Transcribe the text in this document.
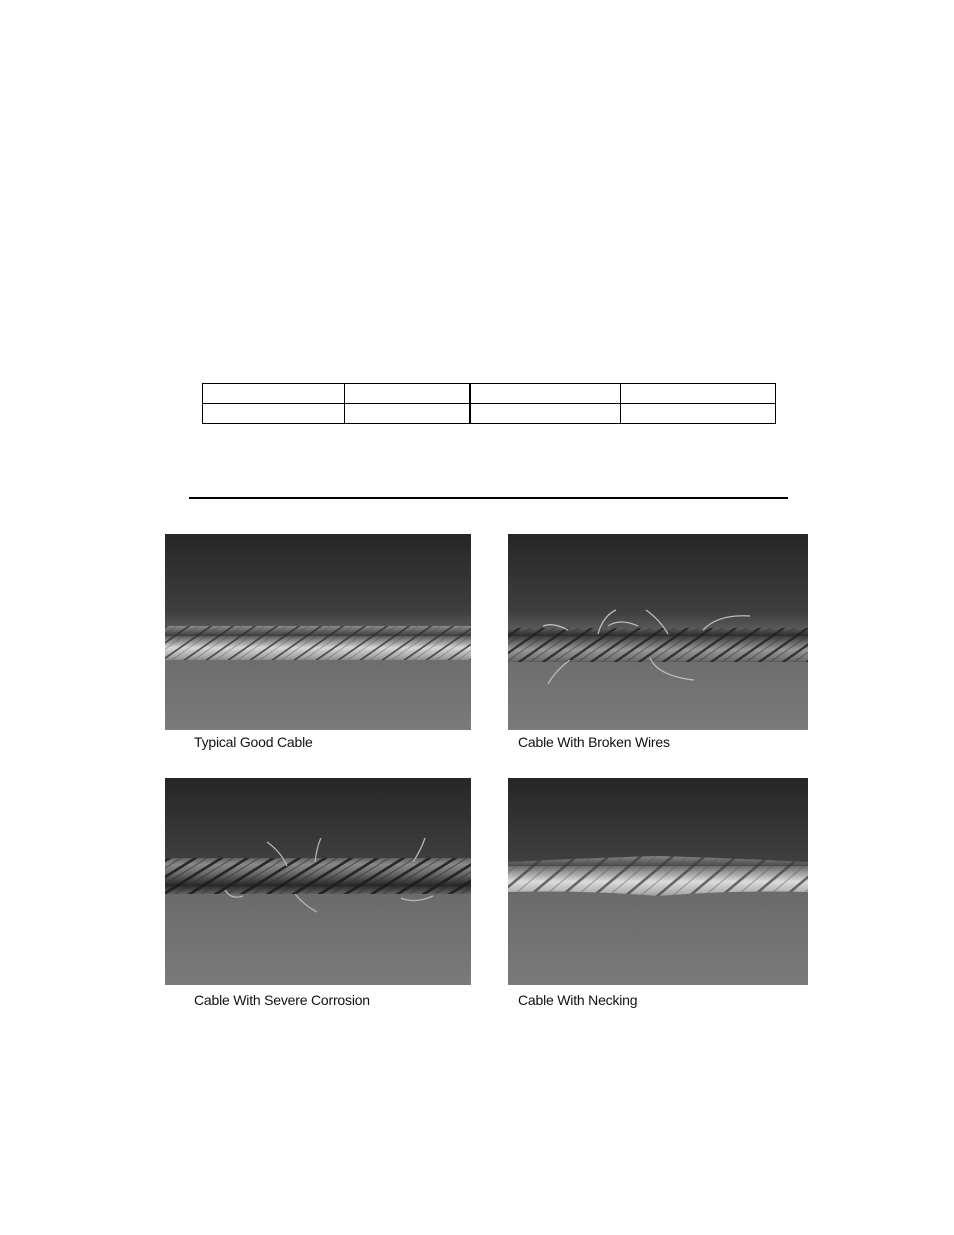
Typical Good Cable	Cable With Broken Wires
Cable With Severe Corrosion	Cable With Necking
